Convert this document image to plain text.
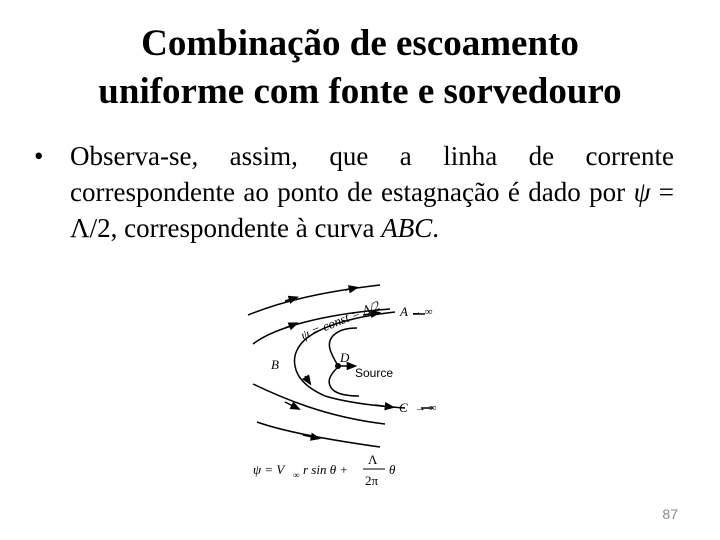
Combinação de escoamento
uniforme com fonte e sorvedouro
• Observa-se, assim, que a linha de corrente correspondente ao ponto de estagnação é dado por ψ = Λ/2, correspondente à curva ABC.
ψ = const = Λ/2 A → ∞
B	D
Source
C → ∞
ψ = V ∞ r sin θ +
Λ
2π
θ
87
